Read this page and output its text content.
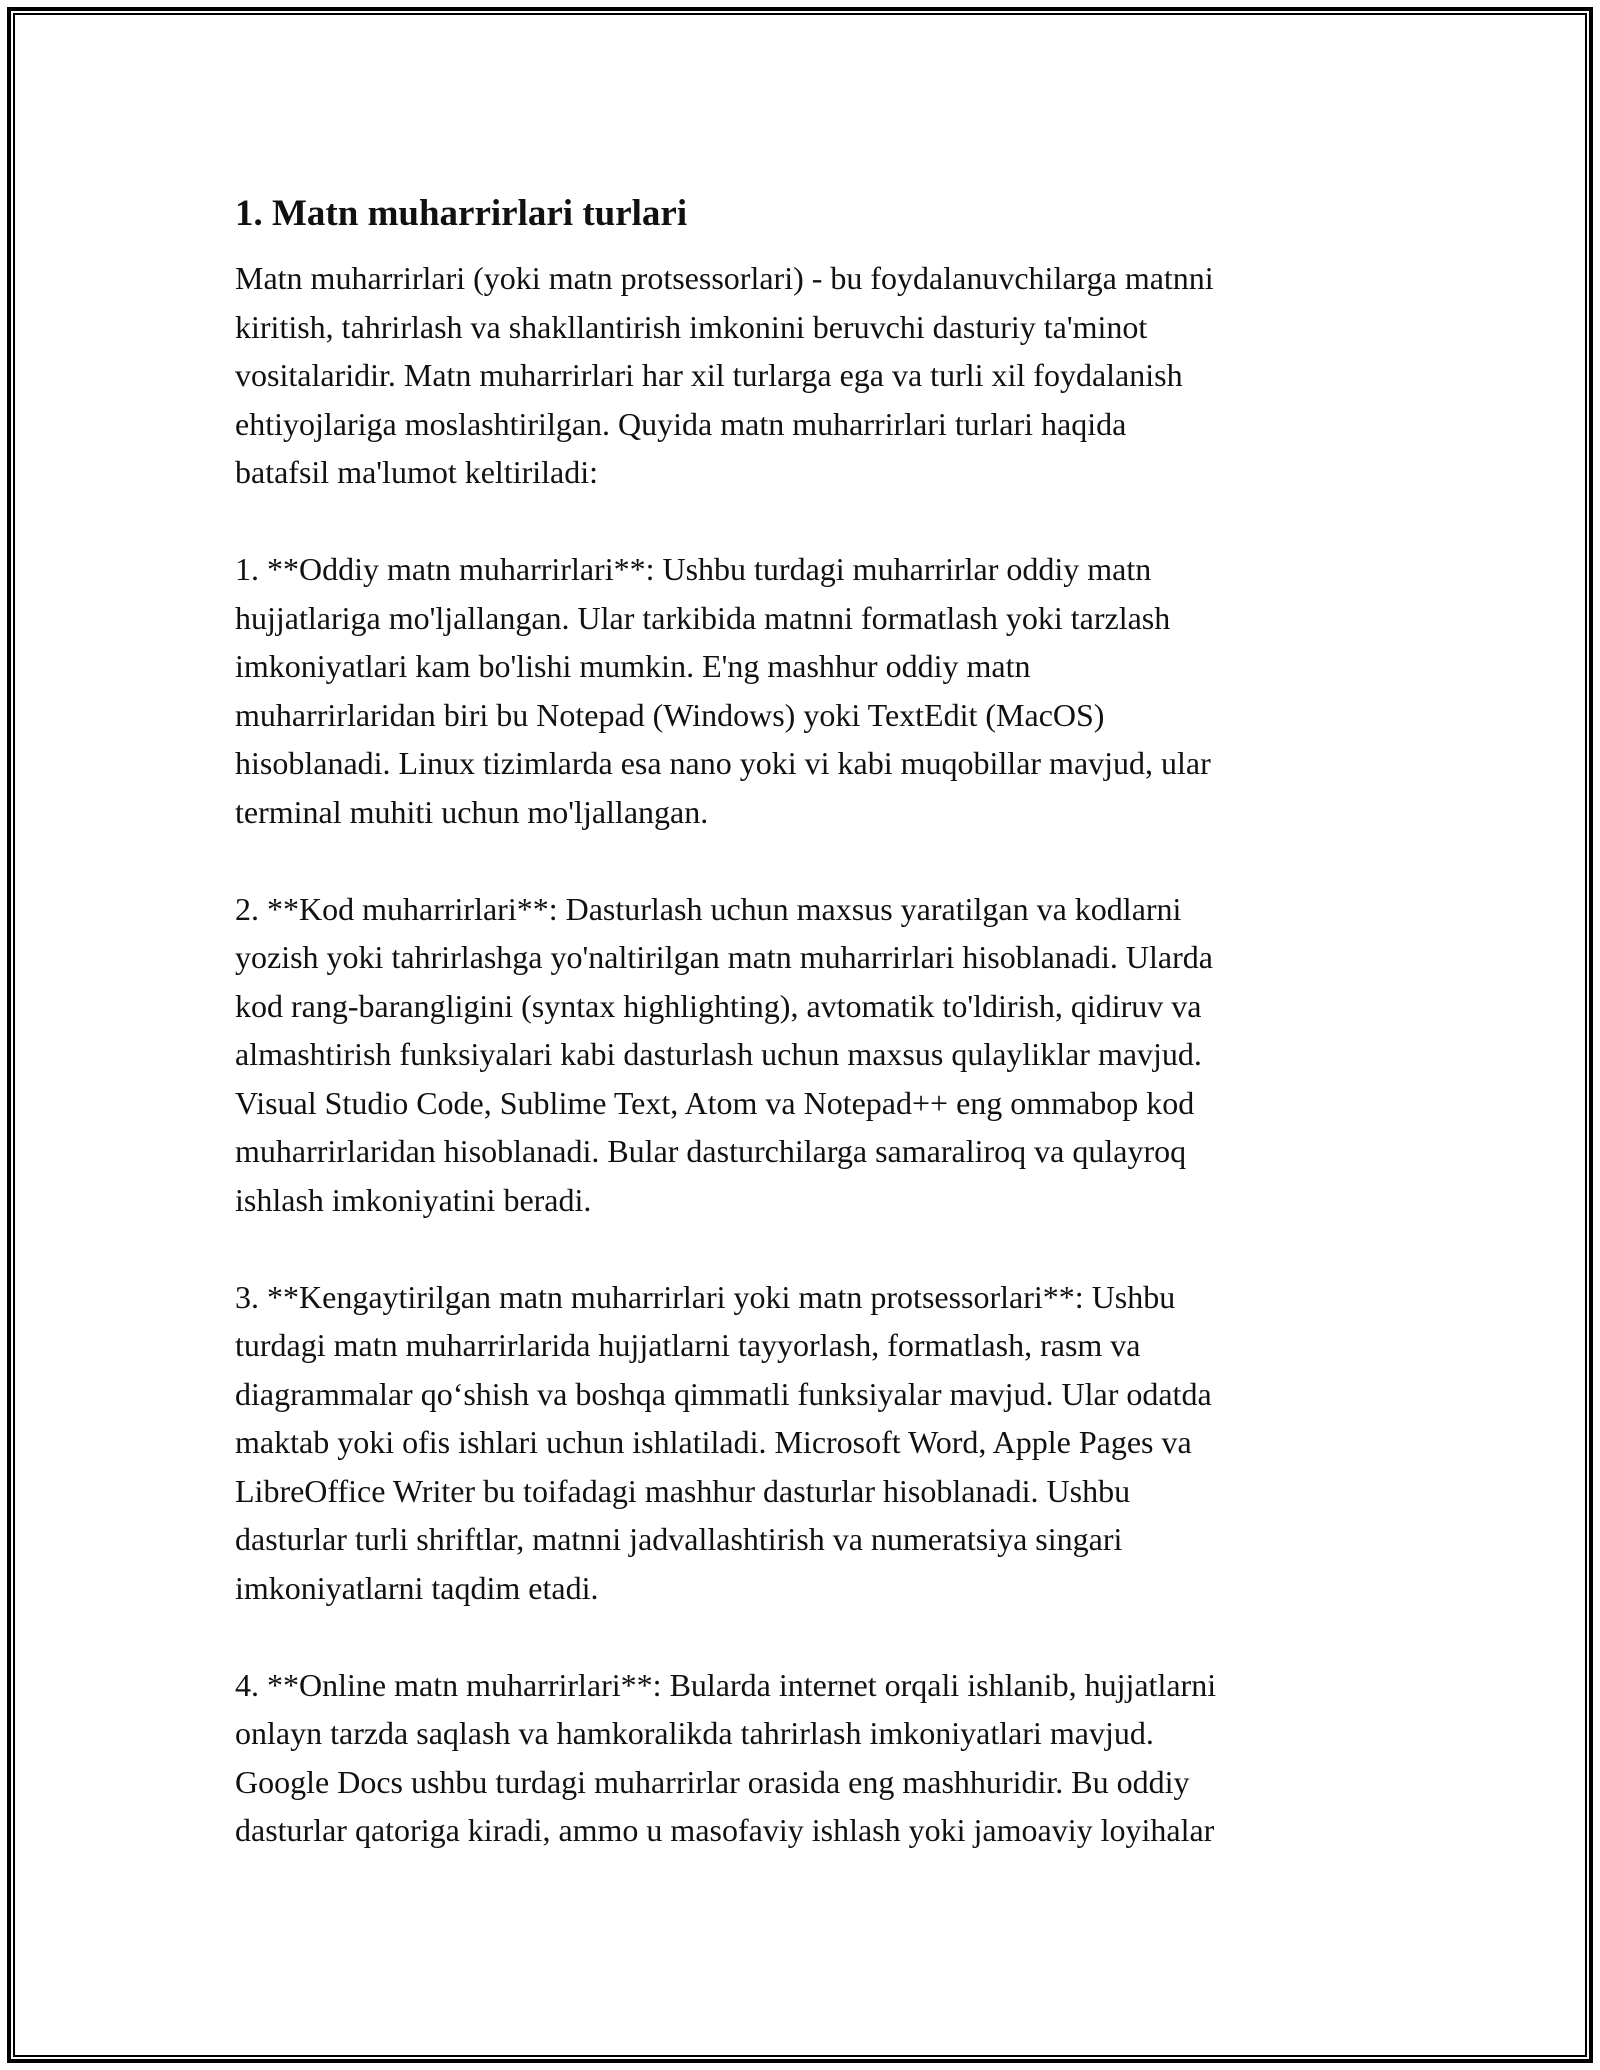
1. Matn muharrirlari turlari

Matn muharrirlari (yoki matn protsessorlari) - bu foydalanuvchilarga matnni
kiritish, tahrirlash va shakllantirish imkonini beruvchi dasturiy ta'minot
vositalaridir. Matn muharrirlari har xil turlarga ega va turli xil foydalanish
ehtiyojlariga moslashtirilgan. Quyida matn muharrirlari turlari haqida
batafsil ma'lumot keltiriladi:

1. **Oddiy matn muharrirlari**: Ushbu turdagi muharrirlar oddiy matn
hujjatlariga mo'ljallangan. Ular tarkibida matnni formatlash yoki tarzlash
imkoniyatlari kam bo'lishi mumkin. E'ng mashhur oddiy matn
muharrirlaridan biri bu Notepad (Windows) yoki TextEdit (MacOS)
hisoblanadi. Linux tizimlarda esa nano yoki vi kabi muqobillar mavjud, ular
terminal muhiti uchun mo'ljallangan.

2. **Kod muharrirlari**: Dasturlash uchun maxsus yaratilgan va kodlarni
yozish yoki tahrirlashga yo'naltirilgan matn muharrirlari hisoblanadi. Ularda
kod rang-barangligini (syntax highlighting), avtomatik to'ldirish, qidiruv va
almashtirish funksiyalari kabi dasturlash uchun maxsus qulayliklar mavjud.
Visual Studio Code, Sublime Text, Atom va Notepad++ eng ommabop kod
muharrirlaridan hisoblanadi. Bular dasturchilarga samaraliroq va qulayroq
ishlash imkoniyatini beradi.

3. **Kengaytirilgan matn muharrirlari yoki matn protsessorlari**: Ushbu
turdagi matn muharrirlarida hujjatlarni tayyorlash, formatlash, rasm va
diagrammalar qo‘shish va boshqa qimmatli funksiyalar mavjud. Ular odatda
maktab yoki ofis ishlari uchun ishlatiladi. Microsoft Word, Apple Pages va
LibreOffice Writer bu toifadagi mashhur dasturlar hisoblanadi. Ushbu
dasturlar turli shriftlar, matnni jadvallashtirish va numeratsiya singari
imkoniyatlarni taqdim etadi.

4. **Online matn muharrirlari**: Bularda internet orqali ishlanib, hujjatlarni
onlayn tarzda saqlash va hamkoralikda tahrirlash imkoniyatlari mavjud.
Google Docs ushbu turdagi muharrirlar orasida eng mashhuridir. Bu oddiy
dasturlar qatoriga kiradi, ammo u masofaviy ishlash yoki jamoaviy loyihalar
